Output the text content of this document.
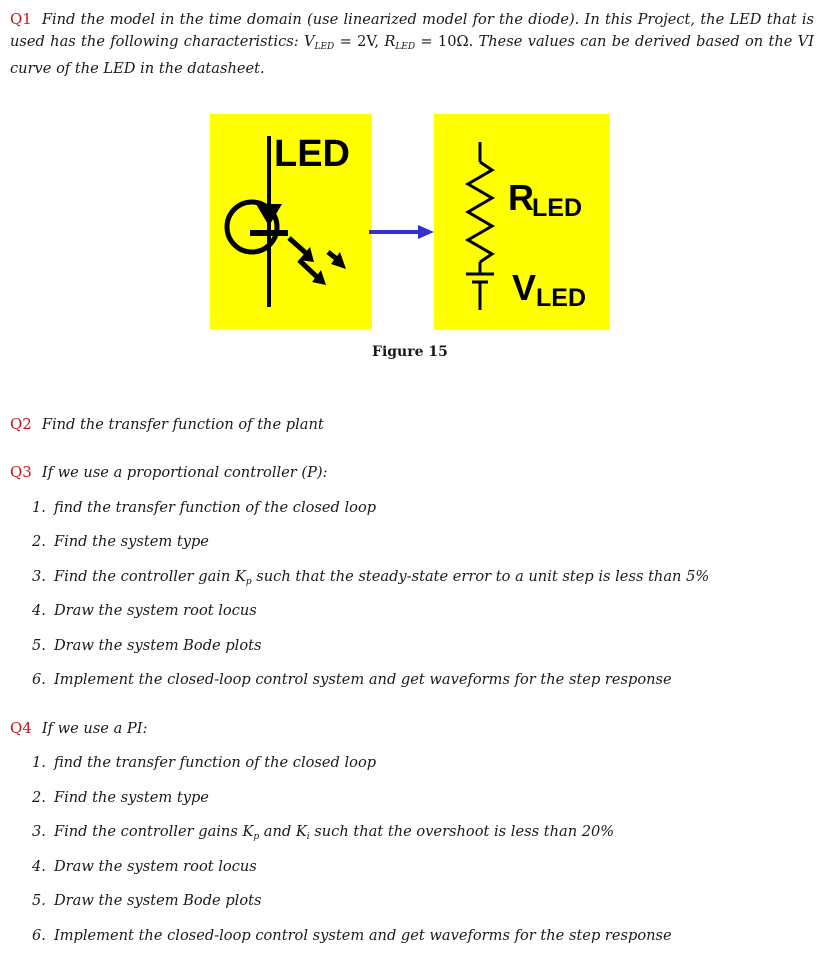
Q1 Find the model in the time domain (use linearized model for the diode). In this Project, the LED that is used has the following characteristics: $V_{LED} = 2V$, $R_{LED} = 10\Omega$. These values can be derived based on the VI curve of the LED in the datasheet.
LED
R
LED
V LED
Figure 15
Q2 Find the transfer function of the plant
Q3 If we use a proportional controller (P):
1. find the transfer function of the closed loop
2. Find the system type
3. Find the controller gain $K_p$ such that the steady-state error to a unit step is less than 5%
4. Draw the system root locus
5. Draw the system Bode plots
6. Implement the closed-loop control system and get waveforms for the step response
Q4 If we use a PI:
1. find the transfer function of the closed loop
2. Find the system type
3. Find the controller gains $K_p$ and $K_i$ such that the overshoot is less than 20%
4. Draw the system root locus
5. Draw the system Bode plots
6. Implement the closed-loop control system and get waveforms for the step response
